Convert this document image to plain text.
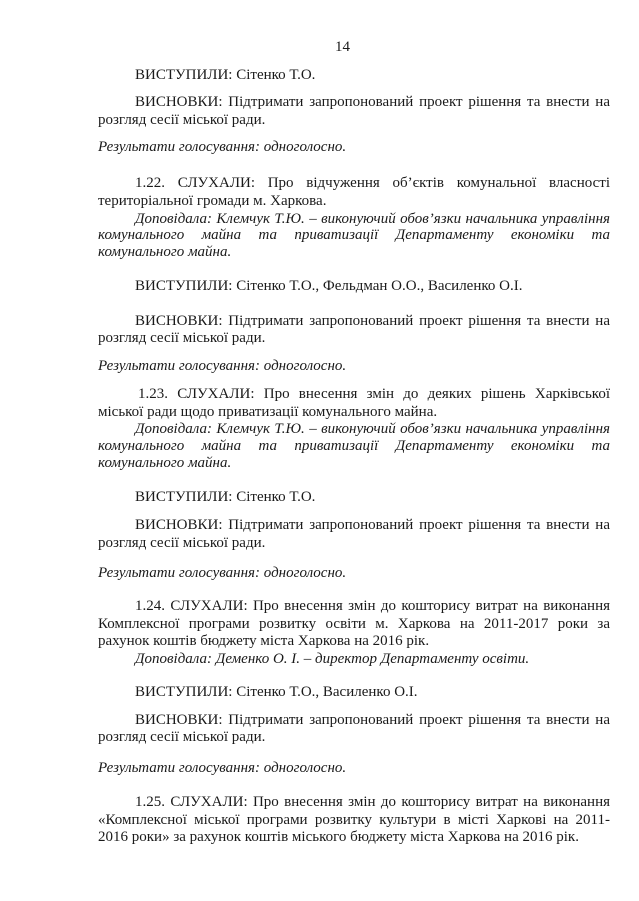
14
ВИСТУПИЛИ: Сітенко Т.О.
ВИСНОВКИ: Підтримати запропонований проект рішення та внести на
розгляд сесії міської ради.
Результати голосування: одноголосно.
1.22. СЛУХАЛИ: Про відчуження об’єктів комунальної власності
територіальної громади м. Харкова.
Доповідала: Клемчук Т.Ю. – виконуючий обов’язки начальника управління
комунального майна та приватизації Департаменту економіки та
комунального майна.
ВИСТУПИЛИ: Сітенко Т.О., Фельдман О.О., Василенко О.І.
ВИСНОВКИ: Підтримати запропонований проект рішення та внести на
розгляд сесії міської ради.
Результати голосування: одноголосно.
1.23. СЛУХАЛИ: Про внесення змін до деяких рішень Харківської
міської ради щодо приватизації комунального майна.
Доповідала: Клемчук Т.Ю. – виконуючий обов’язки начальника управління
комунального майна та приватизації Департаменту економіки та
комунального майна.
ВИСТУПИЛИ: Сітенко Т.О.
ВИСНОВКИ: Підтримати запропонований проект рішення та внести на
розгляд сесії міської ради.
Результати голосування: одноголосно.
1.24. СЛУХАЛИ: Про внесення змін до кошторису витрат на виконання
Комплексної програми розвитку освіти м. Харкова на 2011-2017 роки за
рахунок коштів бюджету міста Харкова на 2016 рік.
Доповідала: Деменко О. І. – директор Департаменту освіти.
ВИСТУПИЛИ: Сітенко Т.О., Василенко О.І.
ВИСНОВКИ: Підтримати запропонований проект рішення та внести на
розгляд сесії міської ради.
Результати голосування: одноголосно.
1.25. СЛУХАЛИ: Про внесення змін до кошторису витрат на виконання
«Комплексної міської програми розвитку культури в місті Харкові на 2011-
2016 роки» за рахунок коштів міського бюджету міста Харкова на 2016 рік.
